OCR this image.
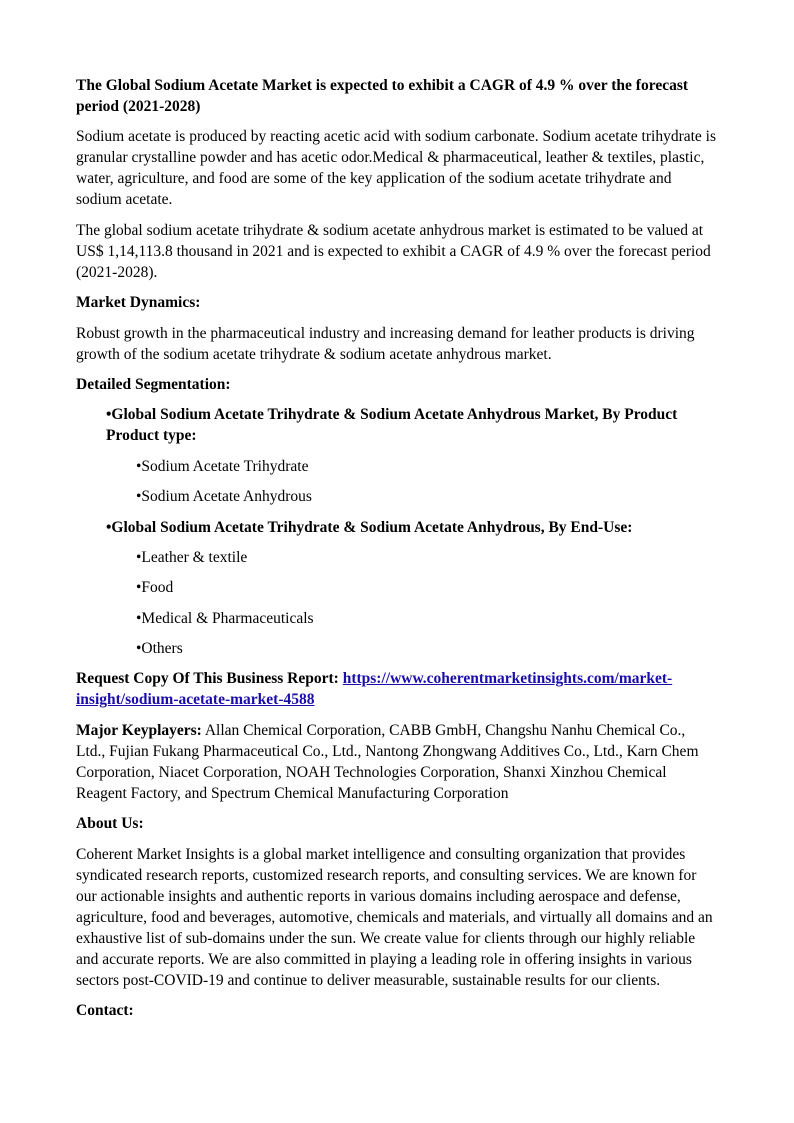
The Global Sodium Acetate Market is expected to exhibit a CAGR of 4.9 % over the forecast period (2021-2028)

Sodium acetate is produced by reacting acetic acid with sodium carbonate. Sodium acetate trihydrate is granular crystalline powder and has acetic odor.Medical & pharmaceutical, leather & textiles, plastic, water, agriculture, and food are some of the key application of the sodium acetate trihydrate and sodium acetate.

The global sodium acetate trihydrate & sodium acetate anhydrous market is estimated to be valued at US$ 1,14,113.8 thousand in 2021 and is expected to exhibit a CAGR of 4.9 % over the forecast period (2021-2028).

Market Dynamics:

Robust growth in the pharmaceutical industry and increasing demand for leather products is driving growth of the sodium acetate trihydrate & sodium acetate anhydrous market.

Detailed Segmentation:

•Global Sodium Acetate Trihydrate & Sodium Acetate Anhydrous Market, By Product Product type:

•Sodium Acetate Trihydrate

•Sodium Acetate Anhydrous

•Global Sodium Acetate Trihydrate & Sodium Acetate Anhydrous, By End-Use:

•Leather & textile

•Food

•Medical & Pharmaceuticals

•Others

Request Copy Of This Business Report: https://www.coherentmarketinsights.com/market-insight/sodium-acetate-market-4588

Major Keyplayers: Allan Chemical Corporation, CABB GmbH, Changshu Nanhu Chemical Co., Ltd., Fujian Fukang Pharmaceutical Co., Ltd., Nantong Zhongwang Additives Co., Ltd., Karn Chem Corporation, Niacet Corporation, NOAH Technologies Corporation, Shanxi Xinzhou Chemical Reagent Factory, and Spectrum Chemical Manufacturing Corporation

About Us:

Coherent Market Insights is a global market intelligence and consulting organization that provides syndicated research reports, customized research reports, and consulting services. We are known for our actionable insights and authentic reports in various domains including aerospace and defense, agriculture, food and beverages, automotive, chemicals and materials, and virtually all domains and an exhaustive list of sub-domains under the sun. We create value for clients through our highly reliable and accurate reports. We are also committed in playing a leading role in offering insights in various sectors post-COVID-19 and continue to deliver measurable, sustainable results for our clients.

Contact:
